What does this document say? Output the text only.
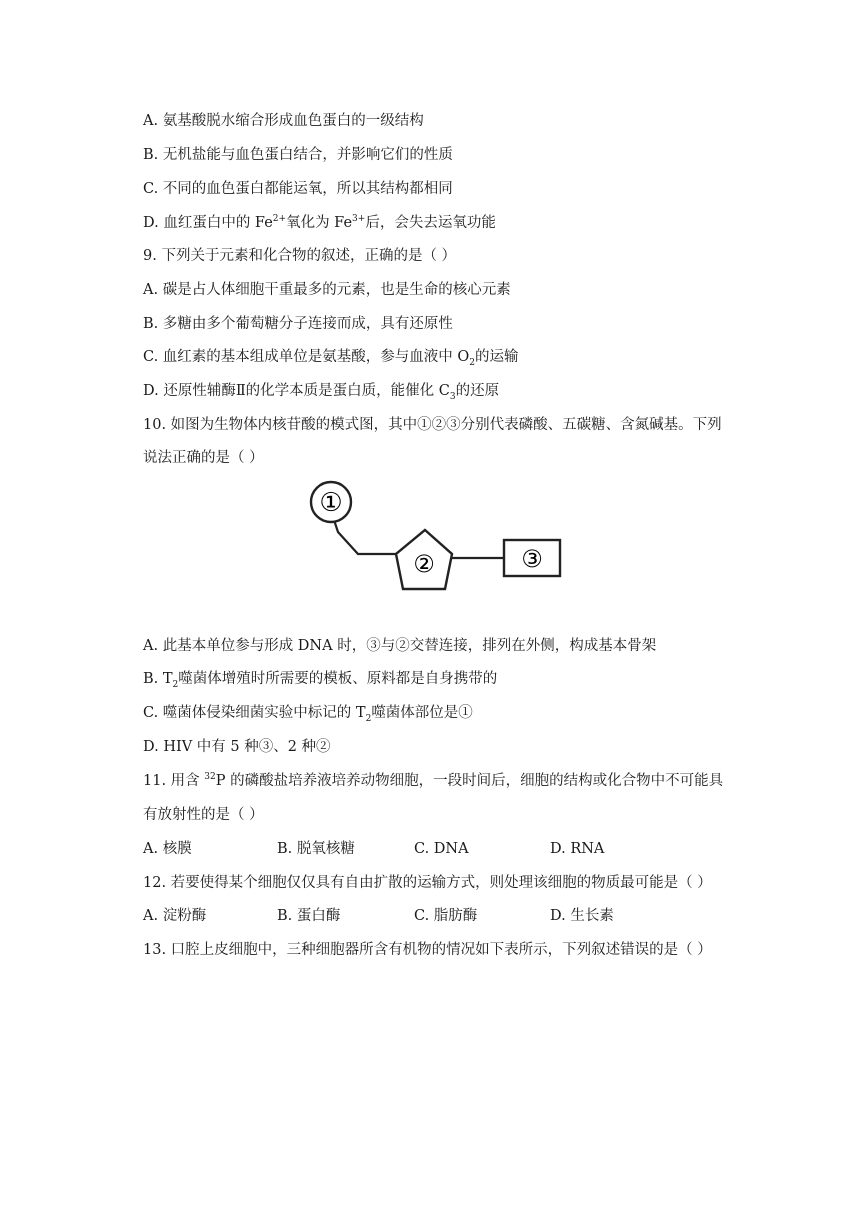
A. 氨基酸脱水缩合形成血色蛋白的一级结构
B. 无机盐能与血色蛋白结合，并影响它们的性质
C. 不同的血色蛋白都能运氧，所以其结构都相同
D. 血红蛋白中的 $Fe^{2+}$氧化为 $Fe^{3+}$后，会失去运氧功能
9. 下列关于元素和化合物的叙述，正确的是（ ）
A. 碳是占人体细胞干重最多的元素，也是生命的核心元素
B. 多糖由多个葡萄糖分子连接而成，具有还原性
C. 血红素的基本组成单位是氨基酸，参与血液中 $O_2$的运输
D. 还原性辅酶Ⅱ的化学本质是蛋白质，能催化 $C_3$的还原
10. 如图为生物体内核苷酸的模式图，其中①②③分别代表磷酸、五碳糖、含氮碱基。下列
说法正确的是（ ）
①
②	③
A. 此基本单位参与形成 DNA 时，③与②交替连接，排列在外侧，构成基本骨架
B. $T_2$噬菌体增殖时所需要的模板、原料都是自身携带的
C. 噬菌体侵染细菌实验中标记的 $T_2$噬菌体部位是①
D. HIV 中有 5 种③、2 种②
11. 用含 $^{32}$P 的磷酸盐培养液培养动物细胞，一段时间后，细胞的结构或化合物中不可能具
有放射性的是（ ）
A. 核膜	B. 脱氧核糖	C. DNA	D. RNA
12. 若要使得某个细胞仅仅具有自由扩散的运输方式，则处理该细胞的物质最可能是（ ）
A. 淀粉酶	B. 蛋白酶	C. 脂肪酶	D. 生长素
13. 口腔上皮细胞中，三种细胞器所含有机物的情况如下表所示，下列叙述错误的是（ ）
